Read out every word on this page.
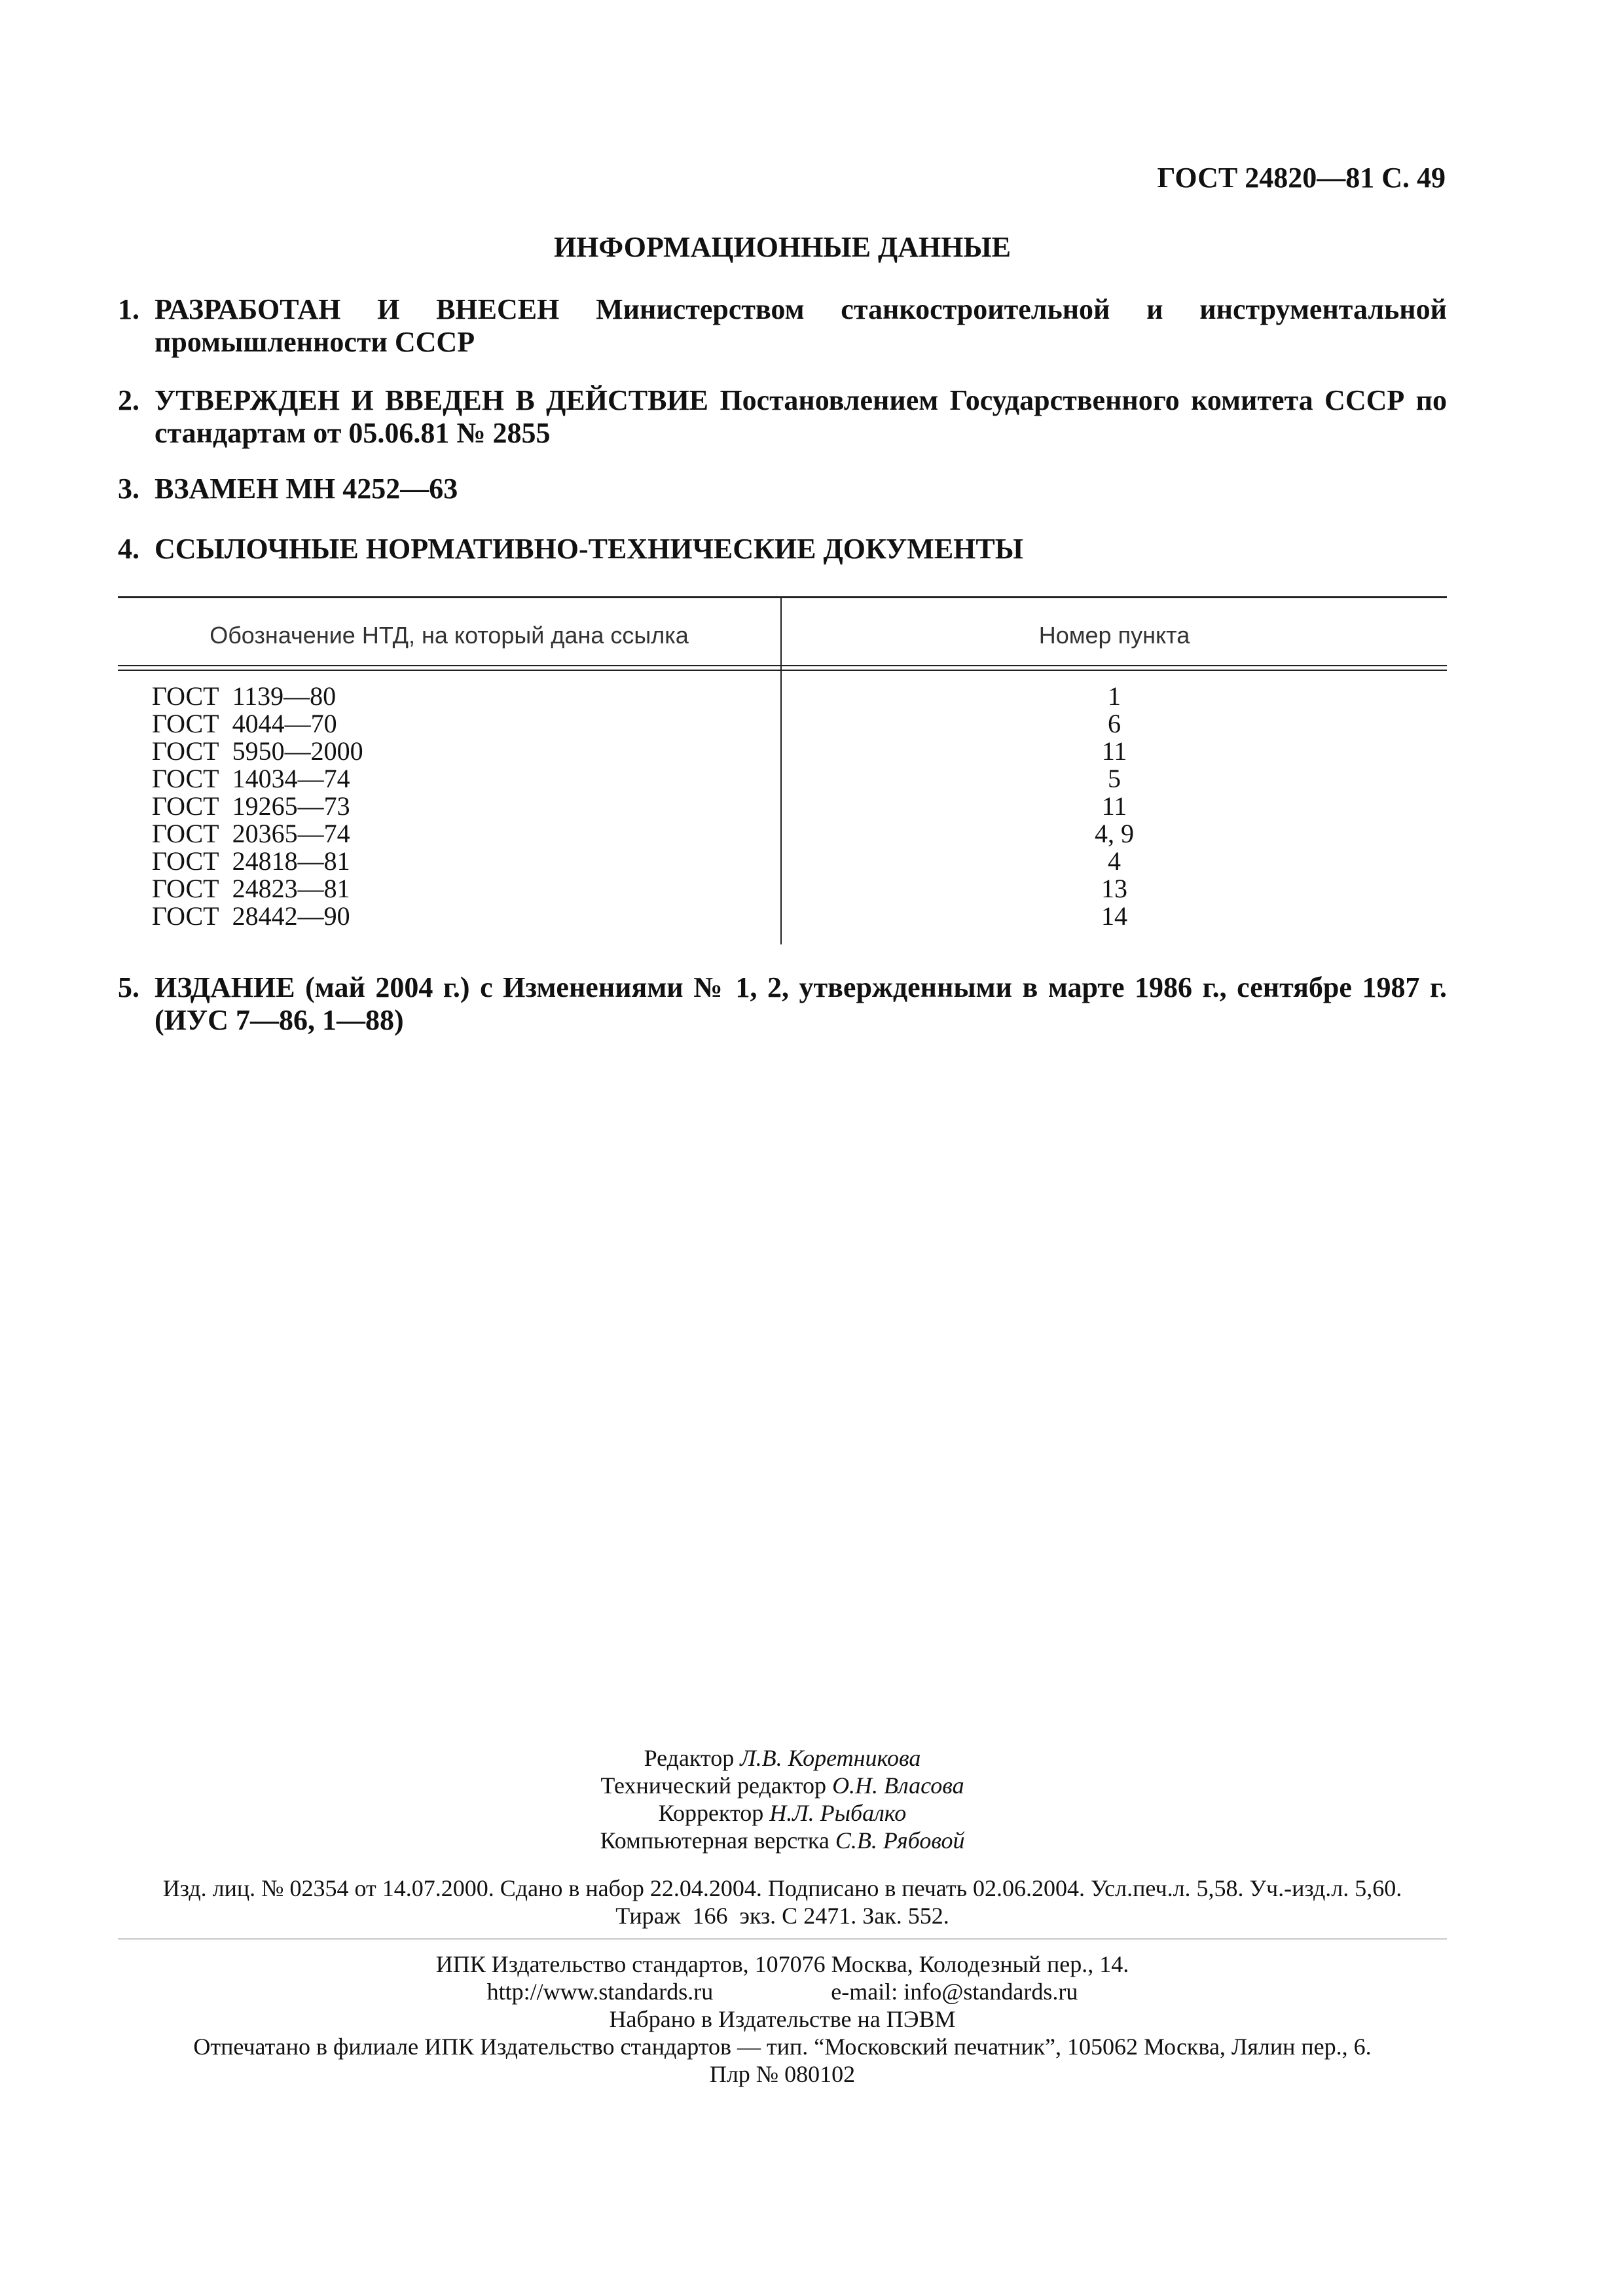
ГОСТ 24820—81 С. 49
ИНФОРМАЦИОННЫЕ ДАННЫЕ
1. РАЗРАБОТАН И ВНЕСЕН Министерством станкостроительной и инструментальной промышленности СССР
2. УТВЕРЖДЕН И ВВЕДЕН В ДЕЙСТВИЕ Постановлением Государственного комитета СССР по стандартам от 05.06.81 № 2855
3. ВЗАМЕН МН 4252—63
4. ССЫЛОЧНЫЕ НОРМАТИВНО-ТЕХНИЧЕСКИЕ ДОКУМЕНТЫ
Обозначение НТД, на который дана ссылка	Номер пункта
ГОСТ  1139—80	1
ГОСТ  4044—70	6
ГОСТ  5950—2000	11
ГОСТ  14034—74	5
ГОСТ  19265—73	11
ГОСТ  20365—74	4, 9
ГОСТ  24818—81	4
ГОСТ  24823—81	13
ГОСТ  28442—90	14
5. ИЗДАНИЕ (май 2004 г.) с Изменениями № 1, 2, утвержденными в марте 1986 г., сентябре 1987 г. (ИУС 7—86, 1—88)
Редактор Л.В. Коретникова
Технический редактор О.Н. Власова
Корректор Н.Л. Рыбалко
Компьютерная верстка С.В. Рябовой
Изд. лиц. № 02354 от 14.07.2000. Сдано в набор 22.04.2004. Подписано в печать 02.06.2004. Усл.печ.л. 5,58. Уч.-изд.л. 5,60.
Тираж  166  экз. С 2471. Зак. 552.
ИПК Издательство стандартов, 107076 Москва, Колодезный пер., 14.
http://www.standards.ru	e-mail: info@standards.ru
Набрано в Издательстве на ПЭВМ
Отпечатано в филиале ИПК Издательство стандартов — тип. “Московский печатник”, 105062 Москва, Лялин пер., 6.
Плр № 080102
